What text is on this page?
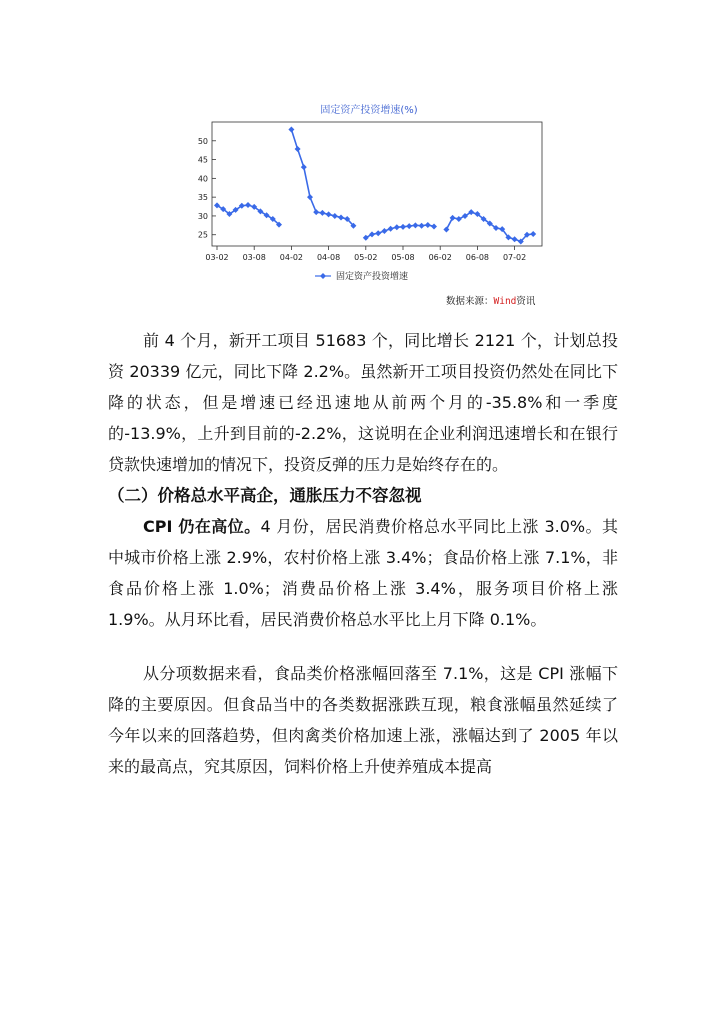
固定资产投资增速(%)
25
30
35
40
45
50
03-02 03-08 04-02 04-08 05-02 05-08 06-02 06-08 07-02
固定资产投资增速
数据来源：Wind资讯

前 4 个月，新开工项目 51683 个，同比增长 2121 个，计划总投资 20339 亿元，同比下降 2.2%。虽然新开工项目投资仍然处在同比下降的状态，但是增速已经迅速地从前两个月的-35.8%和一季度的-13.9%，上升到目前的-2.2%，这说明在企业利润迅速增长和在银行贷款快速增加的情况下，投资反弹的压力是始终存在的。

（二）价格总水平高企，通胀压力不容忽视

CPI 仍在高位。4 月份，居民消费价格总水平同比上涨 3.0%。其中城市价格上涨 2.9%，农村价格上涨 3.4%；食品价格上涨 7.1%，非食品价格上涨 1.0%；消费品价格上涨 3.4%，服务项目价格上涨 1.9%。从月环比看，居民消费价格总水平比上月下降 0.1%。

从分项数据来看，食品类价格涨幅回落至 7.1%，这是 CPI 涨幅下降的主要原因。但食品当中的各类数据涨跌互现，粮食涨幅虽然延续了今年以来的回落趋势，但肉禽类价格加速上涨，涨幅达到了 2005 年以来的最高点，究其原因，饲料价格上升使养殖成本提高
